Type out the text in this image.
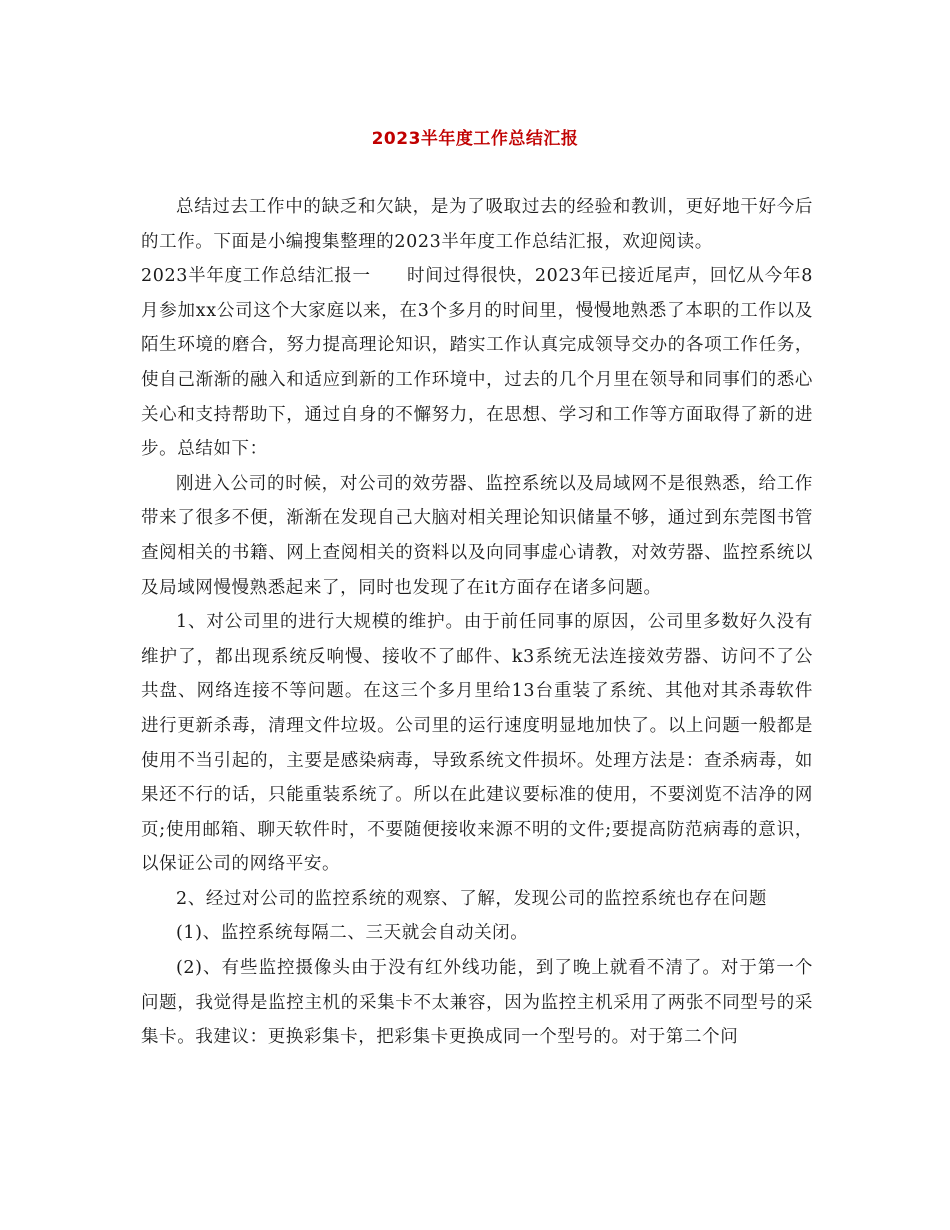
2023半年度工作总结汇报

总结过去工作中的缺乏和欠缺，是为了吸取过去的经验和教训，更好地干好今后的工作。下面是小编搜集整理的2023半年度工作总结汇报，欢迎阅读。

2023半年度工作总结汇报一 时间过得很快，2023年已接近尾声，回忆从今年8月参加xx公司这个大家庭以来，在3个多月的时间里，慢慢地熟悉了本职的工作以及陌生环境的磨合，努力提高理论知识，踏实工作认真完成领导交办的各项工作任务，使自己渐渐的融入和适应到新的工作环境中，过去的几个月里在领导和同事们的悉心关心和支持帮助下，通过自身的不懈努力，在思想、学习和工作等方面取得了新的进步。总结如下：

刚进入公司的时候，对公司的效劳器、监控系统以及局域网不是很熟悉，给工作带来了很多不便，渐渐在发现自己大脑对相关理论知识储量不够，通过到东莞图书管查阅相关的书籍、网上查阅相关的资料以及向同事虚心请教，对效劳器、监控系统以及局域网慢慢熟悉起来了，同时也发现了在it方面存在诸多问题。

1、对公司里的进行大规模的维护。由于前任同事的原因，公司里多数好久没有维护了，都出现系统反响慢、接收不了邮件、k3系统无法连接效劳器、访问不了公共盘、网络连接不等问题。在这三个多月里给13台重装了系统、其他对其杀毒软件进行更新杀毒，清理文件垃圾。公司里的运行速度明显地加快了。以上问题一般都是使用不当引起的，主要是感染病毒，导致系统文件损坏。处理方法是：查杀病毒，如果还不行的话，只能重装系统了。所以在此建议要标准的使用，不要浏览不洁净的网页;使用邮箱、聊天软件时，不要随便接收来源不明的文件;要提高防范病毒的意识，以保证公司的网络平安。

2、经过对公司的监控系统的观察、了解，发现公司的监控系统也存在问题

(1)、监控系统每隔二、三天就会自动关闭。

(2)、有些监控摄像头由于没有红外线功能，到了晚上就看不清了。对于第一个问题，我觉得是监控主机的采集卡不太兼容，因为监控主机采用了两张不同型号的采集卡。我建议：更换彩集卡，把彩集卡更换成同一个型号的。对于第二个问
